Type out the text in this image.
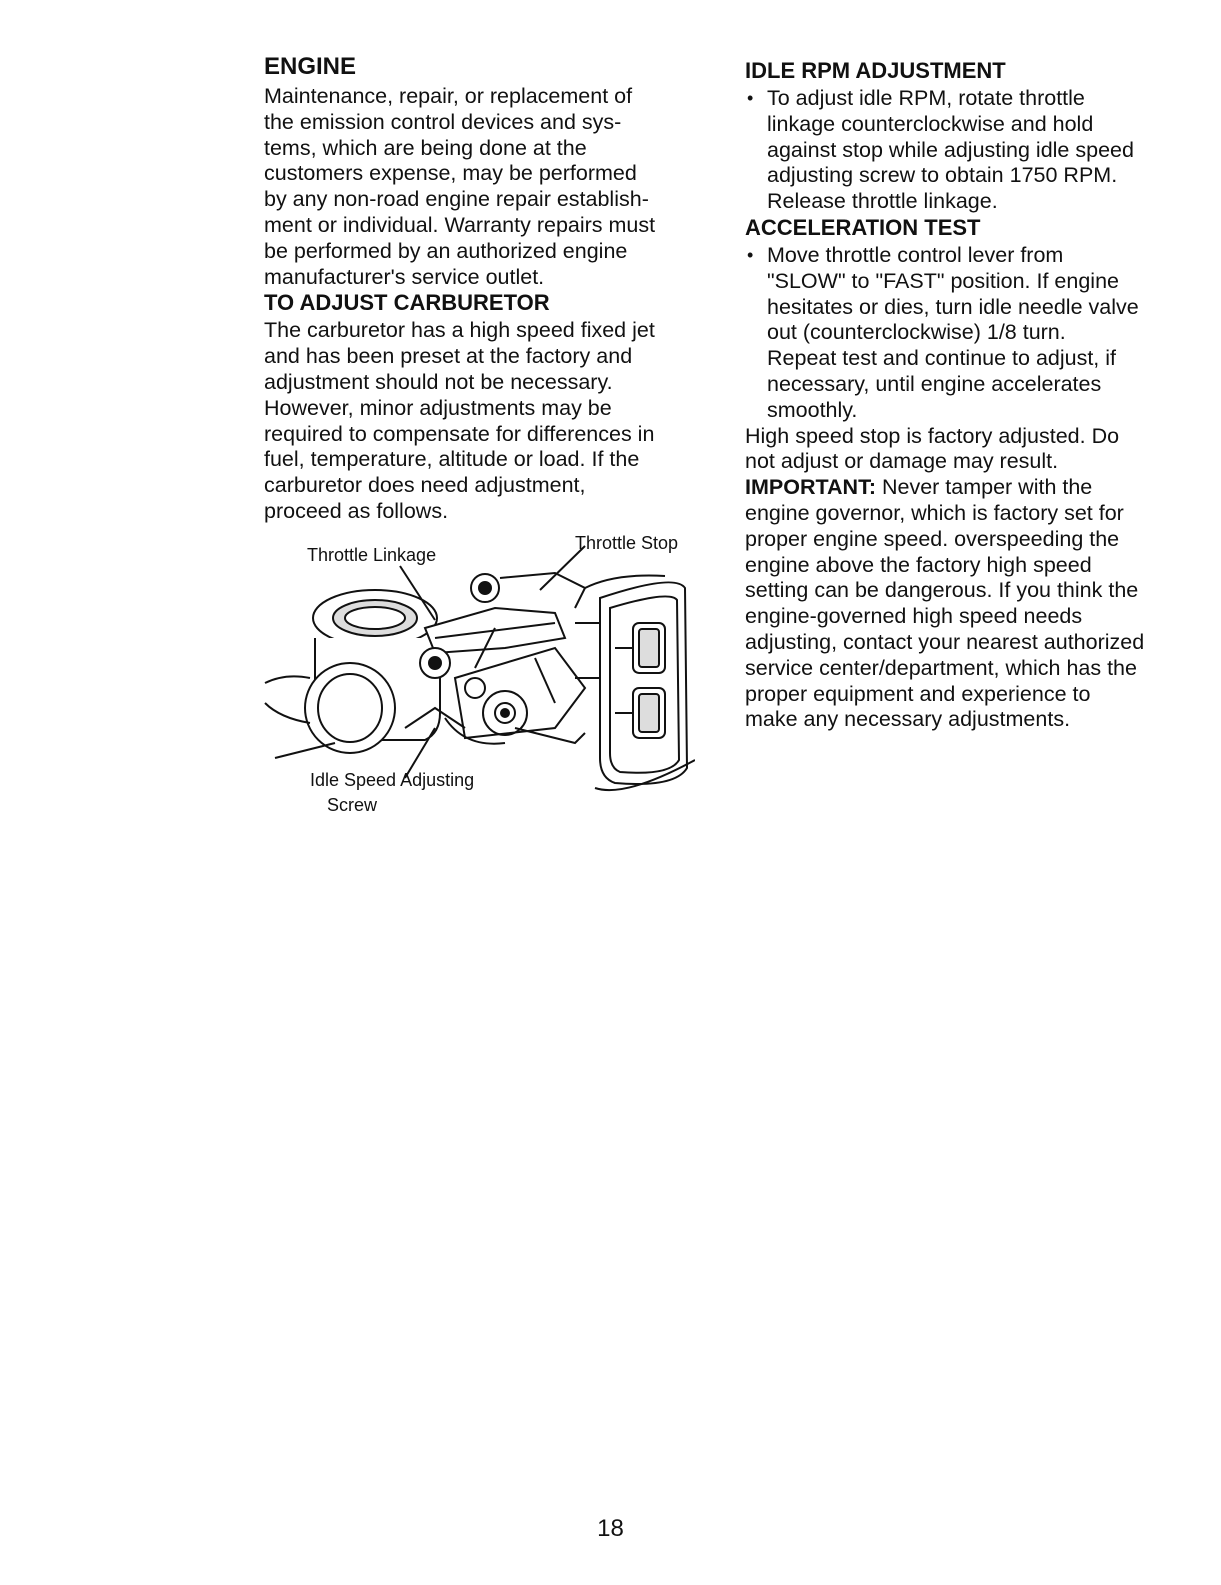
ENGINE

Maintenance, repair, or replacement of
the emission control devices and sys-
tems, which are being done at the
customers expense, may be performed
by any non-road engine repair establish-
ment or individual. Warranty repairs must
be performed by an authorized engine
manufacturer's service outlet.

TO ADJUST CARBURETOR

The carburetor has a high speed fixed jet
and has been preset at the factory and
adjustment should not be necessary.
However, minor adjustments may be
required to compensate for differences in
fuel, temperature, altitude or load. If the
carburetor does need adjustment,
proceed as follows.

Throttle Linkage
Throttle Stop
Idle Speed Adjusting
Screw
IDLE RPM ADJUSTMENT
• To adjust idle RPM, rotate throttle
linkage counterclockwise and hold
against stop while adjusting idle speed
adjusting screw to obtain 1750 RPM.
Release throttle linkage.

ACCELERATION TEST
• Move throttle control lever from
"SLOW" to "FAST" position. If engine
hesitates or dies, turn idle needle valve
out (counterclockwise) 1/8 turn.
Repeat test and continue to adjust, if
necessary, until engine accelerates
smoothly.

High speed stop is factory adjusted. Do
not adjust or damage may result.

IMPORTANT: Never tamper with the
engine governor, which is factory set for
proper engine speed. overspeeding the
engine above the factory high speed
setting can be dangerous. If you think the
engine-governed high speed needs
adjusting, contact your nearest authorized
service center/department, which has the
proper equipment and experience to
make any necessary adjustments.

18
